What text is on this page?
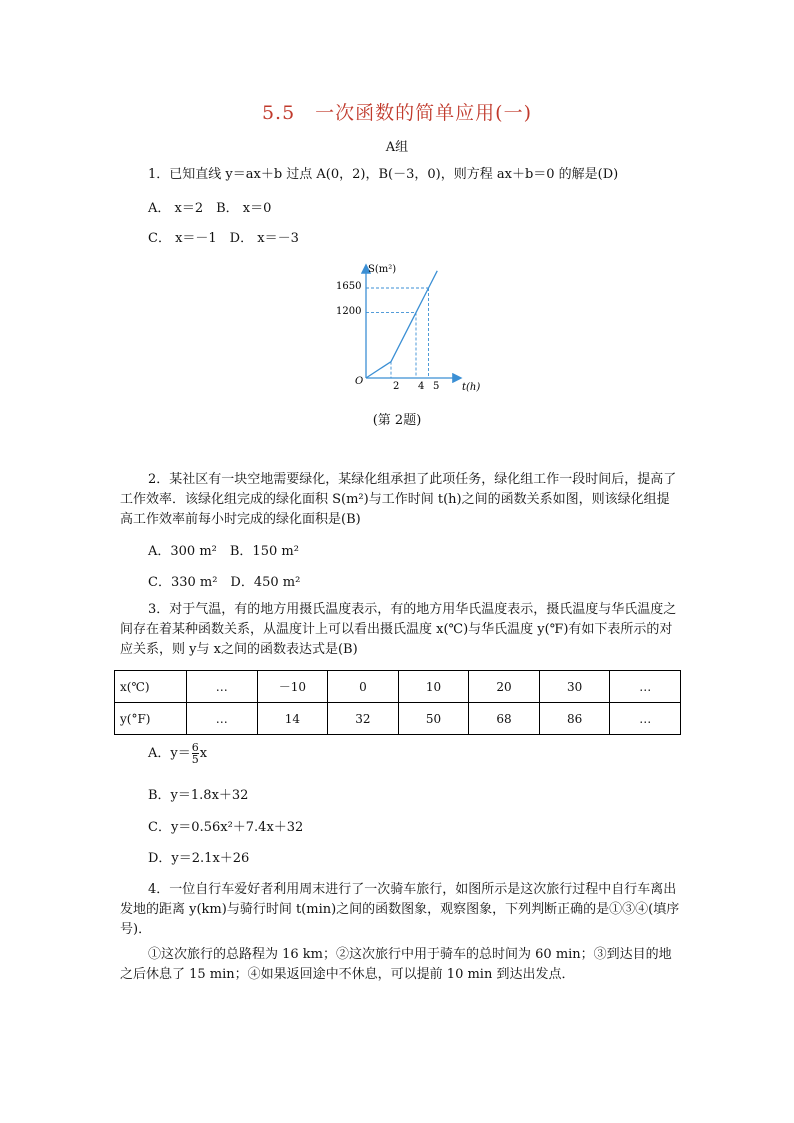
5.5　一次函数的简单应用(一)
A组
1．已知直线 y＝ax＋b 过点 A(0，2)，B(－3，0)，则方程 ax＋b＝0 的解是(D)
A． x＝2　B． x＝0
C． x＝－1　D． x＝－3
S(m²)
t(h)
O
1650
1200
2 4 5
(第 2题)
2．某社区有一块空地需要绿化，某绿化组承担了此项任务，绿化组工作一段时间后，提高了工作效率．该绿化组完成的绿化面积 S(m²)与工作时间 t(h)之间的函数关系如图，则该绿化组提高工作效率前每小时完成的绿化面积是(B)
A．300 m²　B．150 m²
C．330 m²　D．450 m²
3．对于气温，有的地方用摄氏温度表示，有的地方用华氏温度表示，摄氏温度与华氏温度之间存在着某种函数关系，从温度计上可以看出摄氏温度 x(℃)与华氏温度 y(℉)有如下表所示的对应关系，则 y与 x之间的函数表达式是(B)
x(℃)	…	－10	0	10	20	30	…
y(°F)	…	14	32	50	68	86	…
A．$y= \frac{6}{5}$ x
B．y＝1.8x＋32
C．y＝0.56x²＋7.4x＋32
D．y＝2.1x＋26
4．一位自行车爱好者利用周末进行了一次骑车旅行，如图所示是这次旅行过程中自行车离出发地的距离 y(km)与骑行时间 t(min)之间的函数图象，观察图象，下列判断正确的是①③④(填序号)．
①这次旅行的总路程为 16 km；②这次旅行中用于骑车的总时间为 60 min；③到达目的地之后休息了 15 min；④如果返回途中不休息，可以提前 10 min 到达出发点．
